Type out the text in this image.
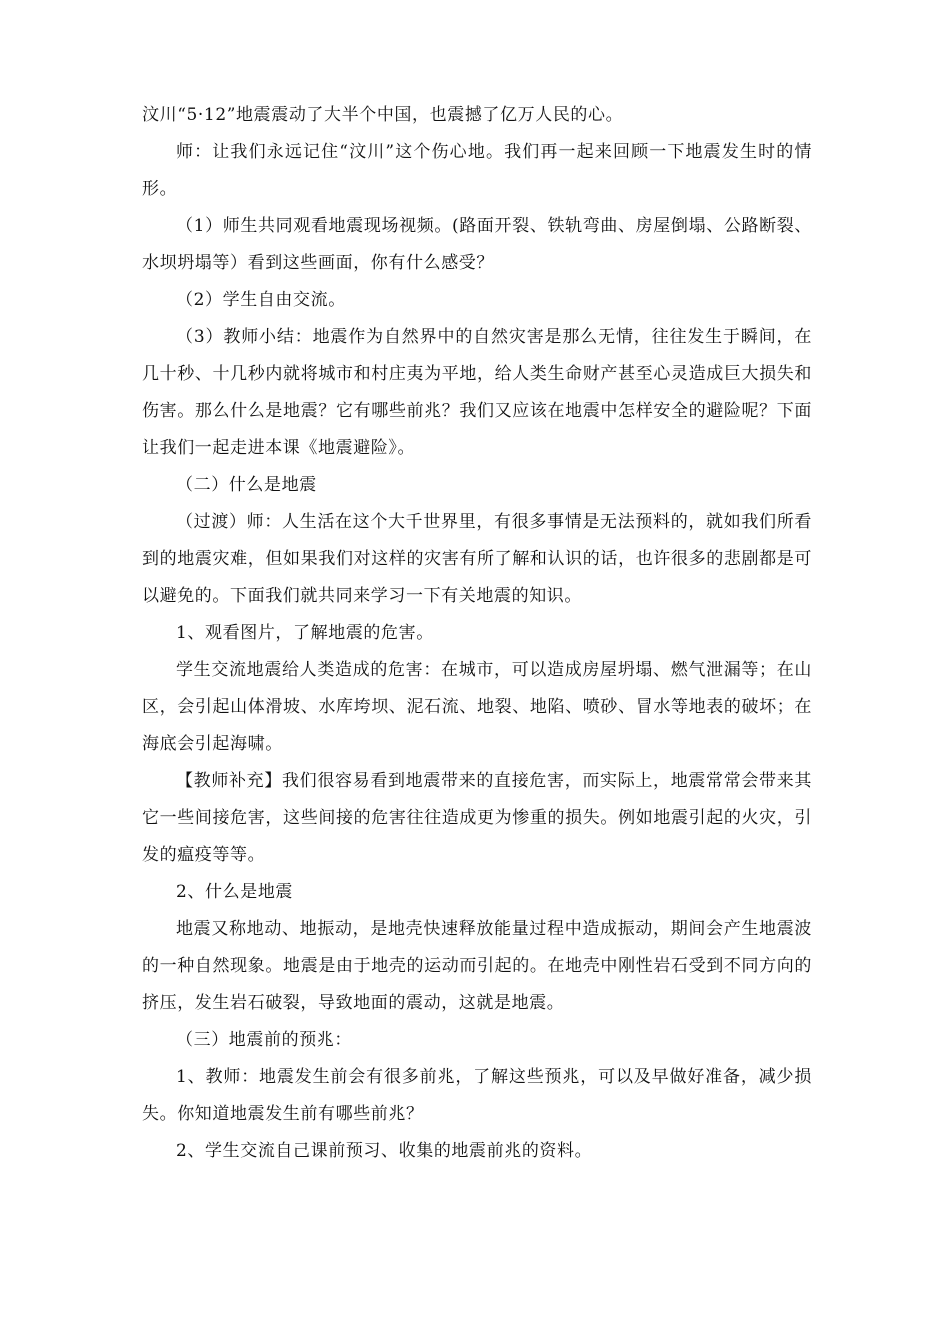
汶川“5·12”地震震动了大半个中国，也震撼了亿万人民的心。

师：让我们永远记住“汶川”这个伤心地。我们再一起来回顾一下地震发生时的情形。

（1）师生共同观看地震现场视频。(路面开裂、铁轨弯曲、房屋倒塌、公路断裂、水坝坍塌等）看到这些画面，你有什么感受？

（2）学生自由交流。

（3）教师小结：地震作为自然界中的自然灾害是那么无情，往往发生于瞬间，在几十秒、十几秒内就将城市和村庄夷为平地，给人类生命财产甚至心灵造成巨大损失和伤害。那么什么是地震？它有哪些前兆？我们又应该在地震中怎样安全的避险呢？下面让我们一起走进本课《地震避险》。

（二）什么是地震

（过渡）师：人生活在这个大千世界里，有很多事情是无法预料的，就如我们所看到的地震灾难，但如果我们对这样的灾害有所了解和认识的话，也许很多的悲剧都是可以避免的。下面我们就共同来学习一下有关地震的知识。

1、观看图片，了解地震的危害。

学生交流地震给人类造成的危害：在城市，可以造成房屋坍塌、燃气泄漏等；在山区，会引起山体滑坡、水库垮坝、泥石流、地裂、地陷、喷砂、冒水等地表的破坏；在海底会引起海啸。

【教师补充】我们很容易看到地震带来的直接危害，而实际上，地震常常会带来其它一些间接危害，这些间接的危害往往造成更为惨重的损失。例如地震引起的火灾，引发的瘟疫等等。

2、什么是地震

地震又称地动、地振动，是地壳快速释放能量过程中造成振动，期间会产生地震波的一种自然现象。地震是由于地壳的运动而引起的。在地壳中刚性岩石受到不同方向的挤压，发生岩石破裂，导致地面的震动，这就是地震。

（三）地震前的预兆：

1、教师：地震发生前会有很多前兆，了解这些预兆，可以及早做好准备，减少损失。你知道地震发生前有哪些前兆？

2、学生交流自己课前预习、收集的地震前兆的资料。
